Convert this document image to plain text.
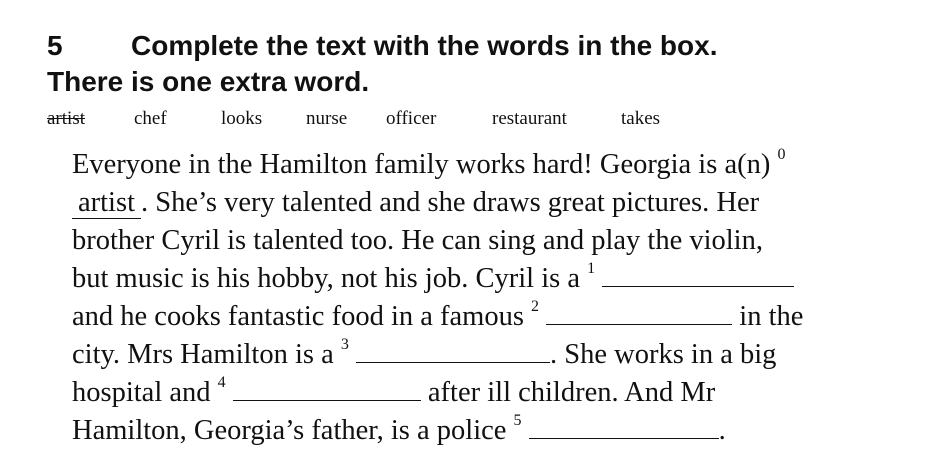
5 Complete the text with the words in the box.
There is one extra word.
artist	chef	looks nurse officer	restaurant	takes
Everyone in the Hamilton family works hard! Georgia is a(n) $^0$
artist . She’s very talented and she draws great pictures. Her
brother Cyril is talented too. He can sing and play the violin,
but music is his hobby, not his job. Cyril is a $^1$
and he cooks fantastic food in a famous $^2$	in the
city. Mrs Hamilton is a $^3$	. She works in a big
hospital and $^4$	after ill children. And Mr
Hamilton, Georgia’s father, is a police $^5$	.
